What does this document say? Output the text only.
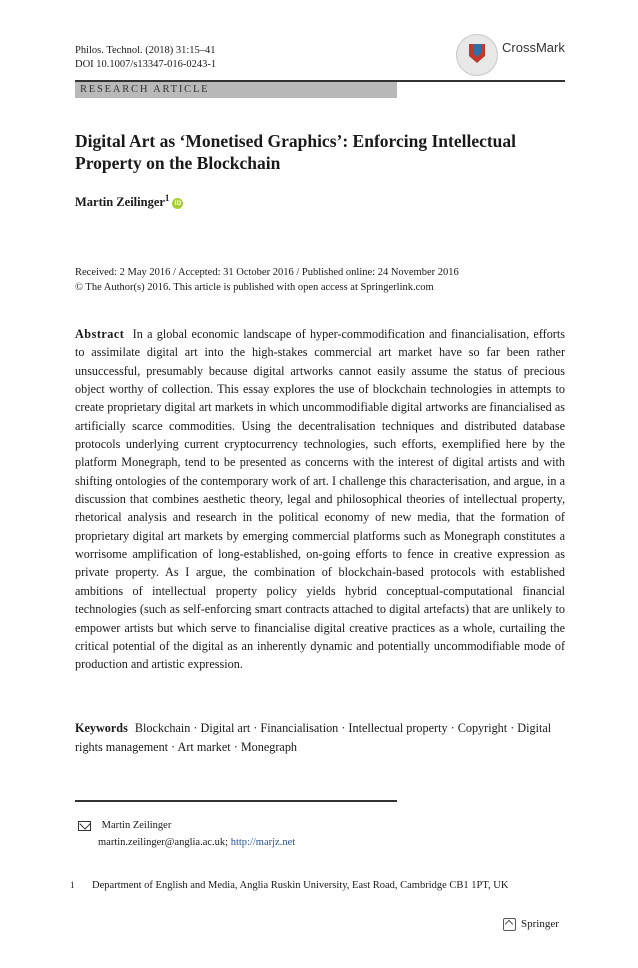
Philos. Technol. (2018) 31:15–41
DOI 10.1007/s13347-016-0243-1
CrossMark
RESEARCH ARTICLE
Digital Art as ‘Monetised Graphics’: Enforcing Intellectual Property on the Blockchain
Martin Zeilinger$^1$iD
Received: 2 May 2016 / Accepted: 31 October 2016 / Published online: 24 November 2016
© The Author(s) 2016. This article is published with open access at Springerlink.com
Abstract In a global economic landscape of hyper-commodification and financialisation, efforts to assimilate digital art into the high-stakes commercial art market have so far been rather unsuccessful, presumably because digital artworks cannot easily assume the status of precious object worthy of collection. This essay explores the use of blockchain technologies in attempts to create proprietary digital art markets in which uncommodifiable digital artworks are financialised as artificially scarce commodities. Using the decentralisation techniques and distributed database protocols underlying current cryptocurrency technologies, such efforts, exemplified here by the platform Monegraph, tend to be presented as concerns with the interest of digital artists and with shifting ontologies of the contemporary work of art. I challenge this characterisation, and argue, in a discussion that combines aesthetic theory, legal and philosophical theories of intellectual property, rhetorical analysis and research in the political economy of new media, that the formation of proprietary digital art markets by emerging commercial platforms such as Monegraph constitutes a worrisome amplification of long-established, on-going efforts to fence in creative expression as private property. As I argue, the combination of blockchain-based protocols with established ambitions of intellectual property policy yields hybrid conceptual-computational financial technologies (such as self-enforcing smart contracts attached to digital artefacts) that are unlikely to empower artists but which serve to financialise digital creative practices as a whole, curtailing the critical potential of the digital as an inherently dynamic and potentially uncommodifiable mode of production and artistic expression.
Keywords Blockchain · Digital art · Financialisation · Intellectual property · Copyright · Digital rights management · Art market · Monegraph
Martin Zeilinger
martin.zeilinger@anglia.ac.uk; http://marjz.net
1 Department of English and Media, Anglia Ruskin University, East Road, Cambridge CB1 1PT, UK
Springer
